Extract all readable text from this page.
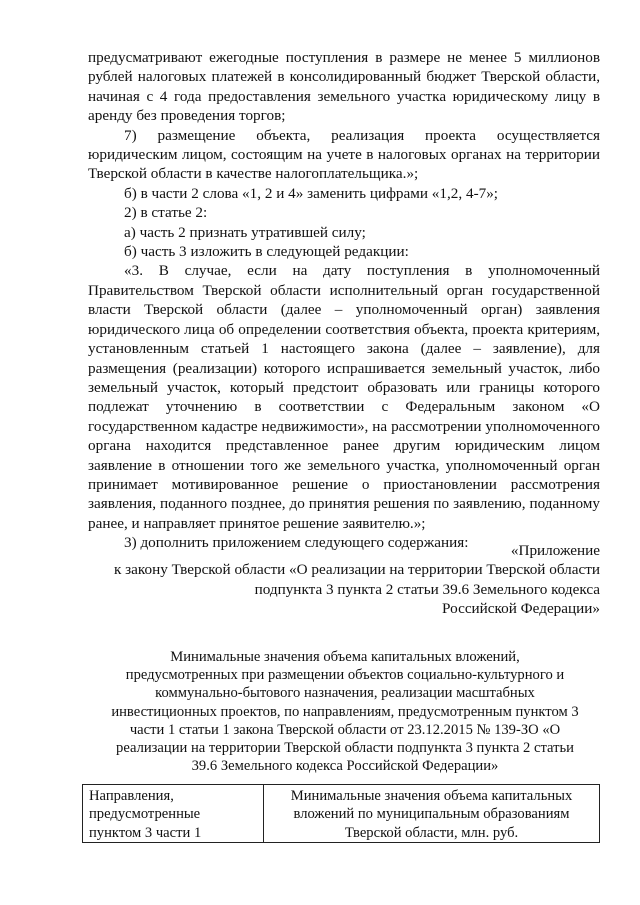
предусматривают ежегодные поступления в размере не менее 5 миллионов рублей налоговых платежей в консолидированный бюджет Тверской области, начиная с 4 года предоставления земельного участка юридическому лицу в аренду без проведения торгов;

7) размещение объекта, реализация проекта осуществляется юридическим лицом, состоящим на учете в налоговых органах на территории Тверской области в качестве налогоплательщика.»;

б) в части 2 слова «1, 2 и 4» заменить цифрами «1,2, 4-7»;

2) в статье 2:

а) часть 2 признать утратившей силу;

б) часть 3 изложить в следующей редакции:

«3. В случае, если на дату поступления в уполномоченный Правительством Тверской области исполнительный орган государственной власти Тверской области (далее – уполномоченный орган) заявления юридического лица об определении соответствия объекта, проекта критериям, установленным статьей 1 настоящего закона (далее – заявление), для размещения (реализации) которого испрашивается земельный участок, либо земельный участок, который предстоит образовать или границы которого подлежат уточнению в соответствии с Федеральным законом «О государственном кадастре недвижимости», на рассмотрении уполномоченного органа находится представленное ранее другим юридическим лицом заявление в отношении того же земельного участка, уполномоченный орган принимает мотивированное решение о приостановлении рассмотрения заявления, поданного позднее, до принятия решения по заявлению, поданному ранее, и направляет принятое решение заявителю.»;

3) дополнить приложением следующего содержания:	«Приложение
к закону Тверской области «О реализации на территории Тверской области
подпункта 3 пункта 2 статьи 39.6 Земельного кодекса
Российской Федерации»
Минимальные значения объема капитальных вложений,
предусмотренных при размещении объектов социально-культурного и
коммунально-бытового назначения, реализации масштабных
инвестиционных проектов, по направлениям, предусмотренным пунктом 3
части 1 статьи 1 закона Тверской области от 23.12.2015 № 139-ЗО «О
реализации на территории Тверской области подпункта 3 пункта 2 статьи
39.6 Земельного кодекса Российской Федерации»
Направления,
предусмотренные
пунктом 3 части 1

Минимальные значения объема капитальных
вложений по муниципальным образованиям
Тверской области, млн. руб.
